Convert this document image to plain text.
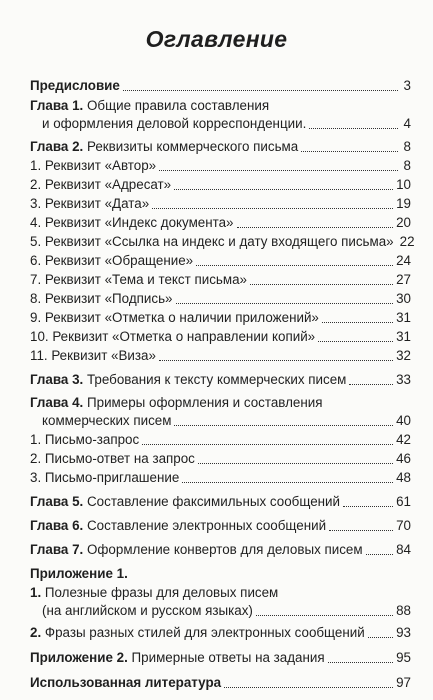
Оглавление
Предисловие	3
Глава 1. Общие правила составления
и оформления деловой корреспонденции.	4
Глава 2. Реквизиты коммерческого письма	8
1. Реквизит «Автор»	8
2. Реквизит «Адресат»	10
3. Реквизит «Дата»	19
4. Реквизит «Индекс документа»	20
5. Реквизит «Ссылка на индекс и дату входящего письма» 22
6. Реквизит «Обращение»	24
7. Реквизит «Тема и текст письма»	27
8. Реквизит «Подпись»	30
9. Реквизит «Отметка о наличии приложений»	31
10. Реквизит «Отметка о направлении копий»	31
11. Реквизит «Виза»	32
Глава 3. Требования к тексту коммерческих писем	33
Глава 4. Примеры оформления и составления
коммерческих писем	40
1. Письмо-запрос	42
2. Письмо-ответ на запрос	46
3. Письмо-приглашение	48
Глава 5. Составление факсимильных сообщений	61
Глава 6. Составление электронных сообщений	70
Глава 7. Оформление конвертов для деловых писем	84
Приложение 1.
1. Полезные фразы для деловых писем
(на английском и русском языках)	88
2. Фразы разных стилей для электронных сообщений 93
Приложение 2. Примерные ответы на задания	95
Использованная литература	97
